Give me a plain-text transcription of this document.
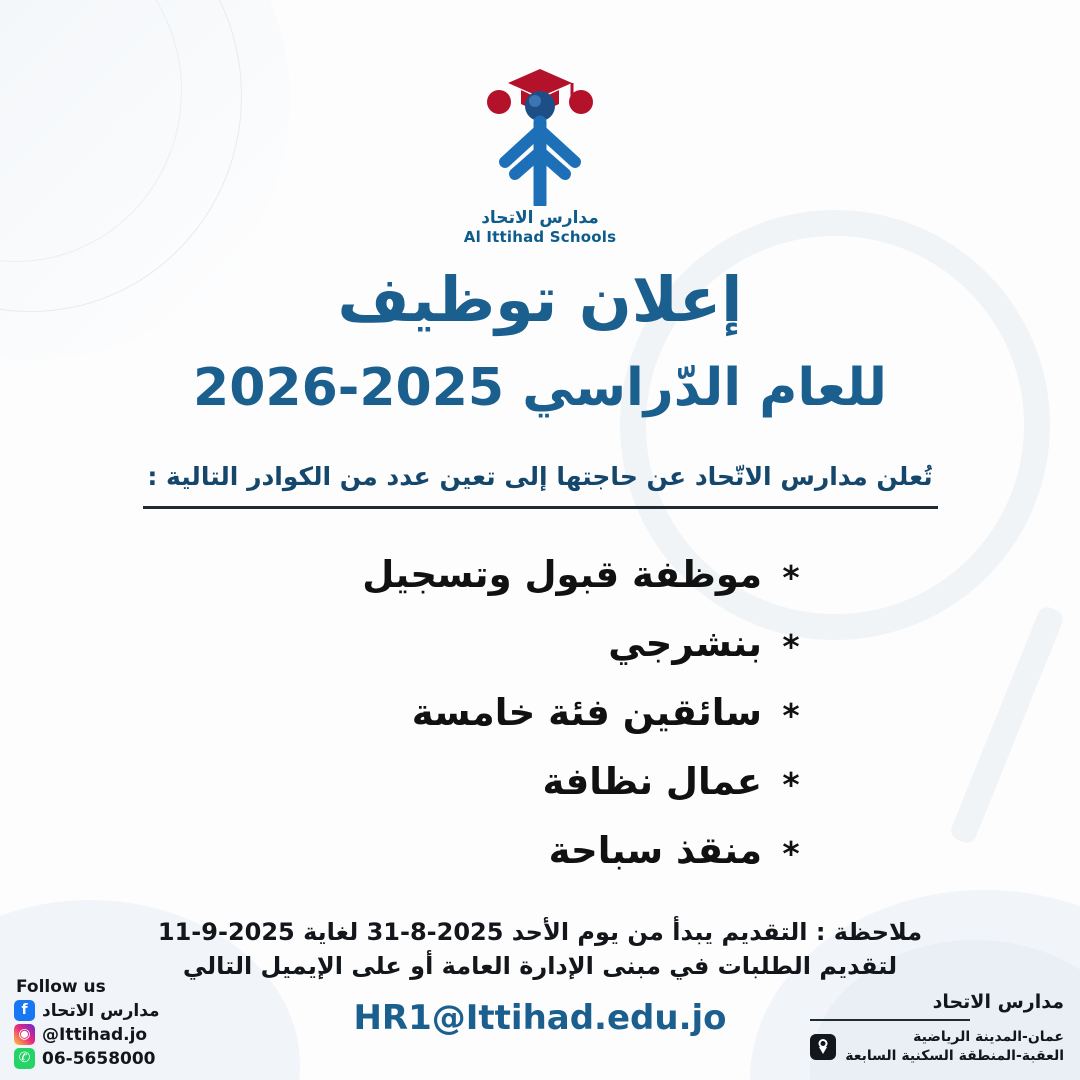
مدارس الاتحاد
Al Ittihad Schools
إعلان توظيف
للعام الدّراسي 2025-2026
تُعلن مدارس الاتّحاد عن حاجتها إلى تعين عدد من الكوادر التالية :
*
موظفة قبول وتسجيل
*
بنشرجي
*
سائقين فئة خامسة
*
عمال نظافة
*
منقذ سباحة
ملاحظة : التقديم يبدأ من يوم الأحد 2025-8-31 لغاية 2025-9-11
لتقديم الطلبات في مبنى الإدارة العامة أو على الإيميل التالي
HR1@Ittihad.edu.jo
Follow us
f مدارس الاتحاد
◉ @Ittihad.jo
✆ 06-5658000
مدارس الاتحاد
عمان-المدينة الرياضية
العقبة-المنطقة السكنية السابعة
